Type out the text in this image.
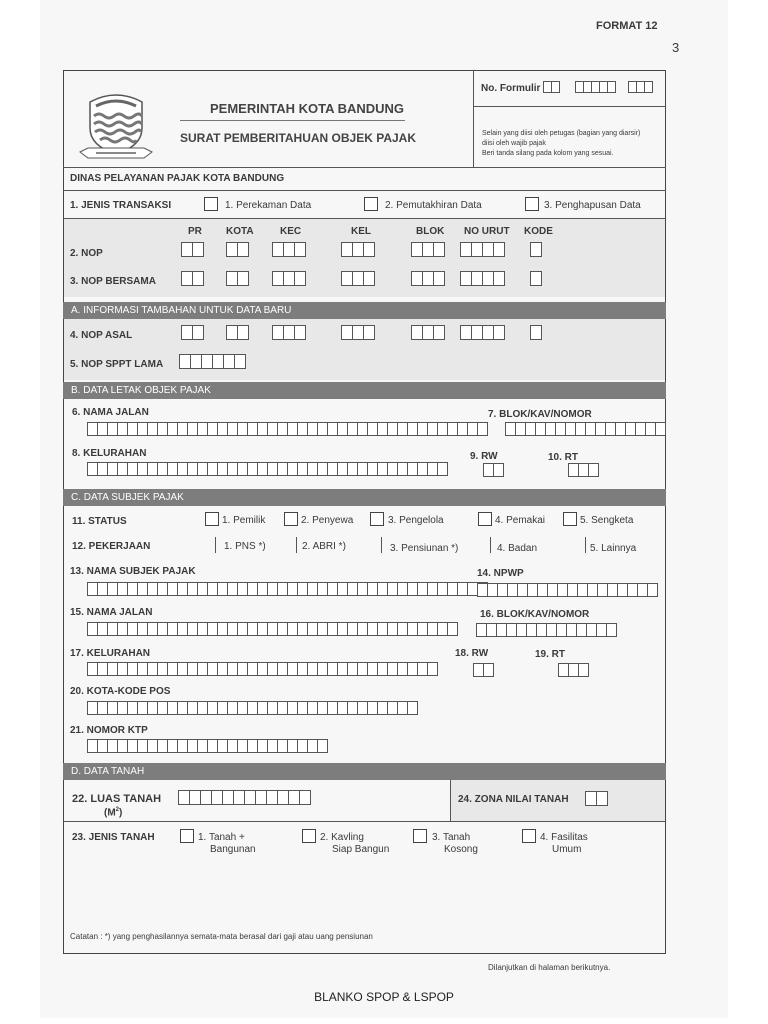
FORMAT 12
3
PEMERINTAH KOTA BANDUNG
SURAT PEMBERITAHUAN OBJEK PAJAK
No. Formulir
Selain yang diisi oleh petugas (bagian yang diarsir)
diisi oleh wajib pajak
Beri tanda silang pada kolom yang sesuai.
DINAS PELAYANAN PAJAK KOTA BANDUNG
1. JENIS TRANSAKSI	1. Perekaman Data	2. Pemutakhiran Data	3. Penghapusan Data
PR KOTA	KEC	KEL	BLOK NO URUT KODE
2. NOP
3. NOP BERSAMA
A. INFORMASI TAMBAHAN UNTUK DATA BARU
4. NOP ASAL
5. NOP SPPT LAMA
B. DATA LETAK OBJEK PAJAK
6. NAMA JALAN	7. BLOK/KAV/NOMOR
8. KELURAHAN	9. RW	10. RT
C. DATA SUBJEK PAJAK
11. STATUS	1. Pemilik	2. Penyewa	3. Pengelola	4. Pemakai	5. Sengketa
12. PEKERJAAN	1. PNS *)	2. ABRI *)	3. Pensiunan *)	4. Badan	5. Lainnya
13. NAMA SUBJEK PAJAK	14. NPWP
15. NAMA JALAN	16. BLOK/KAV/NOMOR
17. KELURAHAN	18. RW	19. RT
20. KOTA-KODE POS
21. NOMOR KTP
D. DATA TANAH
22. LUAS TANAH
$(M^2)$
24. ZONA NILAI TANAH
23. JENIS TANAH	1. Tanah +
Bangunan
2. Kavling
Siap Bangun
3. Tanah
Kosong
4. Fasilitas
Umum
Catatan : *) yang penghasilannya semata-mata berasal dari gaji atau uang pensiunan
Dilanjutkan di halaman berikutnya.
BLANKO SPOP & LSPOP
